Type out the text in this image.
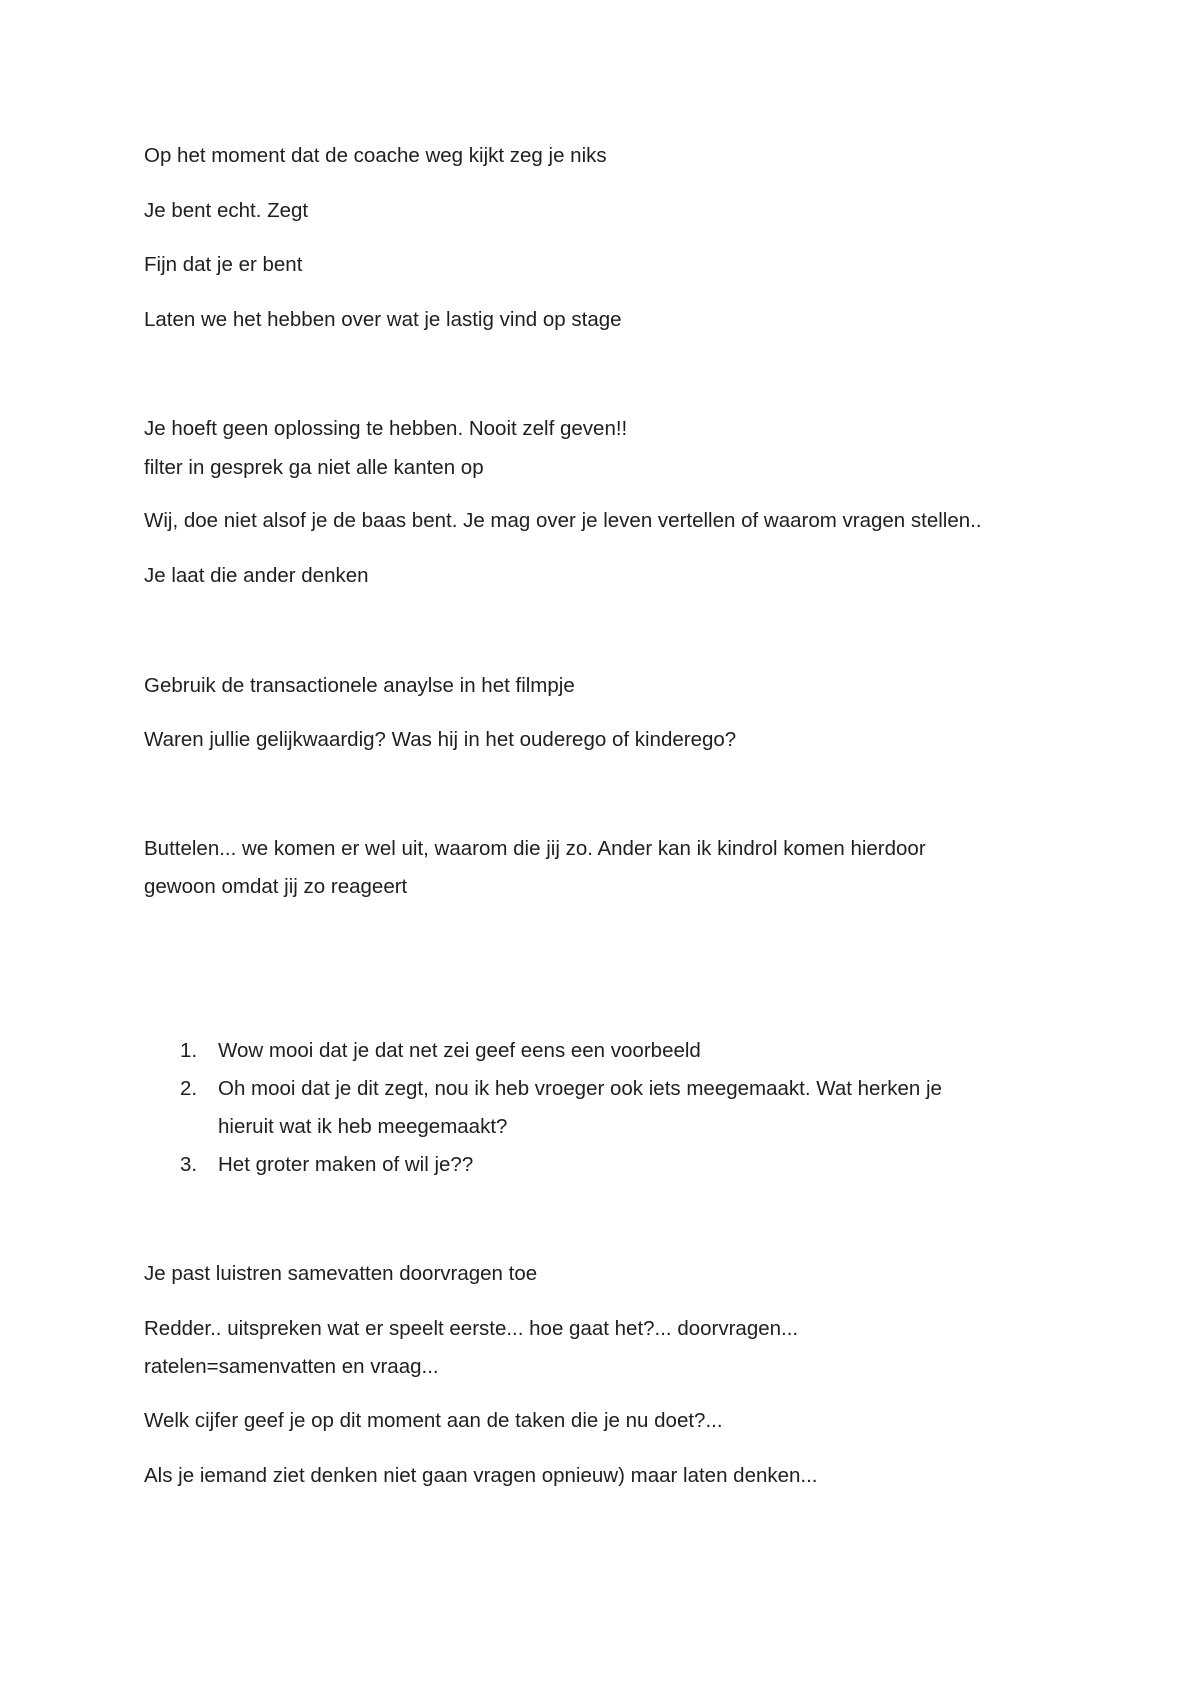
Op het moment dat de coache weg kijkt zeg je niks
Je bent echt. Zegt
Fijn dat je er bent
Laten we het hebben over wat je lastig vind op stage
Je hoeft geen oplossing te hebben. Nooit zelf geven!!
filter in gesprek ga niet alle kanten op
Wij, doe niet alsof je de baas bent. Je mag over je leven vertellen of waarom vragen stellen..
Je laat die ander denken
Gebruik de transactionele anaylse in het filmpje
Waren jullie gelijkwaardig? Was hij in het ouderego of kinderego?
Buttelen... we komen er wel uit, waarom die jij zo. Ander kan ik kindrol komen hierdoor
gewoon omdat jij zo reageert
1. Wow mooi dat je dat net zei geef eens een voorbeeld
2. Oh mooi dat je dit zegt, nou ik heb vroeger ook iets meegemaakt. Wat herken je
hieruit wat ik heb meegemaakt?
3. Het groter maken of wil je??
Je past luistren samevatten doorvragen toe
Redder.. uitspreken wat er speelt eerste... hoe gaat het?... doorvragen...
ratelen=samenvatten en vraag...
Welk cijfer geef je op dit moment aan de taken die je nu doet?...
Als je iemand ziet denken niet gaan vragen opnieuw) maar laten denken...
